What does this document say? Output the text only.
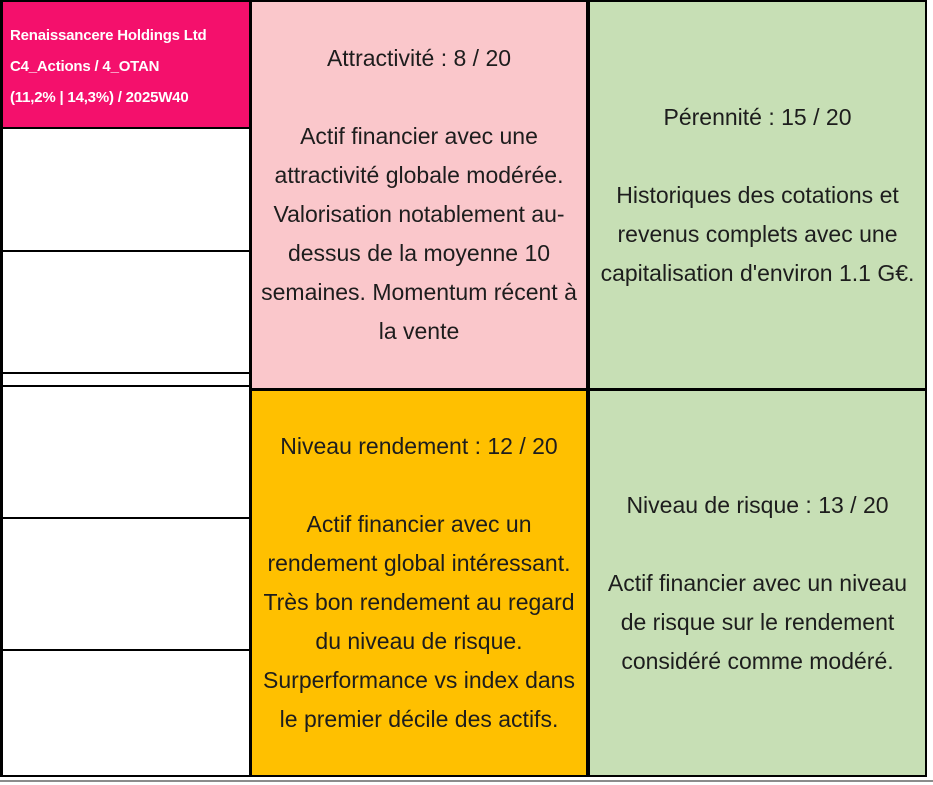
Renaissancere Holdings Ltd
C4_Actions / 4_OTAN
(11,2% | 14,3%) / 2025W40
Attractivité : 8 / 20
Actif financier avec une attractivité globale modérée. Valorisation notablement au-dessus de la moyenne 10 semaines. Momentum récent à la vente
Niveau rendement : 12 / 20
Actif financier avec un rendement global intéressant. Très bon rendement au regard du niveau de risque. Surperformance vs index dans le premier décile des actifs.
Pérennité : 15 / 20
Historiques des cotations et revenus complets avec une capitalisation d'environ 1.1 G€.
Niveau de risque : 13 / 20
Actif financier avec un niveau de risque sur le rendement considéré comme modéré.
